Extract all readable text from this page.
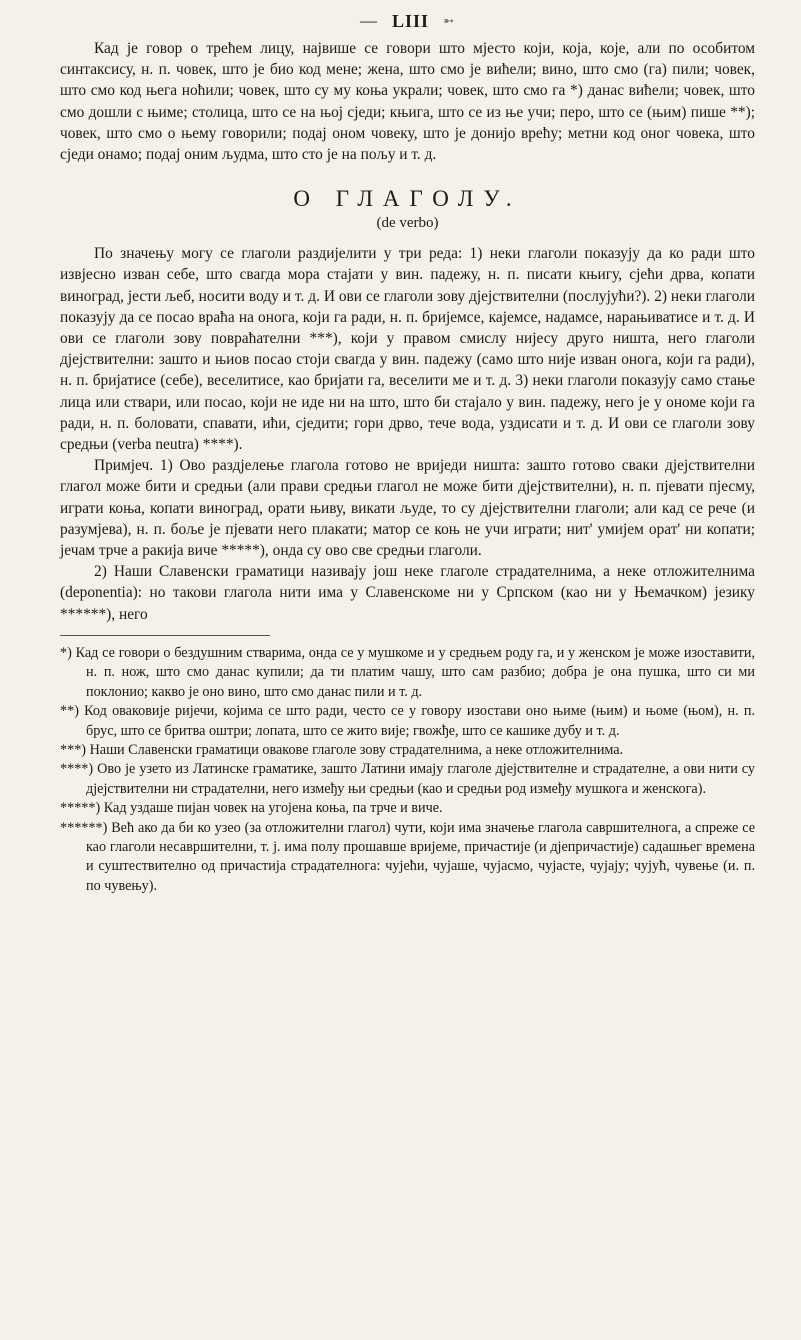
— LIII ➵

Кад је говор о трећем лицу, највише се говори што мјесто који, која, које, али по особитом синтаксису, н. п. човек, што је био код мене; жена, што смо је вићели; вино, што смо (га) пили; човек, што смо код њега ноћили; човек, што су му коња украли; човек, што смо га *) данас вићели; човек, што смо дошли с њиме; столица, што се на њој сједи; књига, што се из ње учи; перо, што се (њим) пише **); човек, што смо о њему говорили; подај оном човеку, што је донијо врећу; метни код оног човека, што сједи онамо; подај оним људма, што сто је на пољу и т. д.

О ГЛАГОЛУ.
(de verbo)

По значењу могу се глаголи раздијелити у три реда: 1) неки глаголи показују да ко ради што извјесно изван себе, што свагда мора стајати у вин. падежу, н. п. писати књигу, сјећи дрва, копати виноград, јести љеб, носити воду и т. д. И ови се глаголи зову дјејствителни (послујући?). 2) неки глаголи показују да се посао враћа на онога, који га ради, н. п. бријемсе, кајемсе, надамсе, нарањиватисе и т. д. И ови се глаголи зову поврaћателни ***), који у правом смислу нијесу друго ништа, него глаголи дјејствителни: зашто и њиов посао стоји свагда у вин. падежу (само што није изван онога, који га ради), н. п. бријатисе (себе), веселитисе, као бријати га, веселити ме и т. д. 3) неки глаголи показују само стање лица или ствари, или посао, који не иде ни на што, што би стајало у вин. падежу, него је у ономе који га ради, н. п. боловати, спавати, ићи, сједити; гори дрво, тече вода, уздисати и т. д. И ови се глаголи зову средњи (verba neutra) ****).

Примјеч. 1) Ово раздјелење глагола готово не вриједи ништа: зашто готово сваки дјејствителни глагол може бити и средњи (али прави средњи глагол не може бити дјејствителни), н. п. пјевати пјесму, играти коња, копати виноград, орати њиву, викати људе, то су дјејствителни глаголи; али кад се рече (и разумјева), н. п. боље је пјевати него плакати; матор се коњ не учи играти; нит' умијем орат' ни копати; јечам трче а ракија виче *****), онда су ово све средњи глаголи.

2) Наши Славенски граматици називају још неке глаголе страдателнима, а неке отложителнима (deponentia): но такови глагола нити има у Славенскоме ни у Српском (као ни у Њемачком) језику ******), него

*) Кад се говори о бездушним стварима, онда се у мушкоме и у средњем роду га, и у женском је може изоставити, н. п. нож, што смо данас купили; да ти платим чашу, што сам разбио; добра је она пушка, што си ми поклонио; какво је оно вино, што смо данас пили и т. д.

**) Код оваковије ријечи, којима се што ради, често се у говору изостави оно њиме (њим) и њоме (њом), н. п. брус, што се бритва оштри; лопата, што се жито вије; гвожђе, што се кашике дубу и т. д.

***) Наши Славенски граматици оваковe глаголе зову страдателнима, а неке отложителнима.

****) Ово је узето из Латинске граматике, зашто Латини имају глаголе дјејствителне и страдателне, а ови нити су дјејствителни ни страдателни, него између њи средњи (као и средњи род између мушкога и женскога).

*****) Кад уздаше пијан човек на угојена коња, па трче и виче.

******) Већ ако да би ко узео (за отложителни глагол) чути, који има значење глагола савршителнога, а спреже се као глаголи несавршителни, т. ј. има полу прошавше вријеме, причастије (и дјепричастије) садашњег времена и суштествително од причастија страдателнога: чујећи, чујаше, чујасмо, чујасте, чујају; чујућ, чувење (и. п. по чувењу).
